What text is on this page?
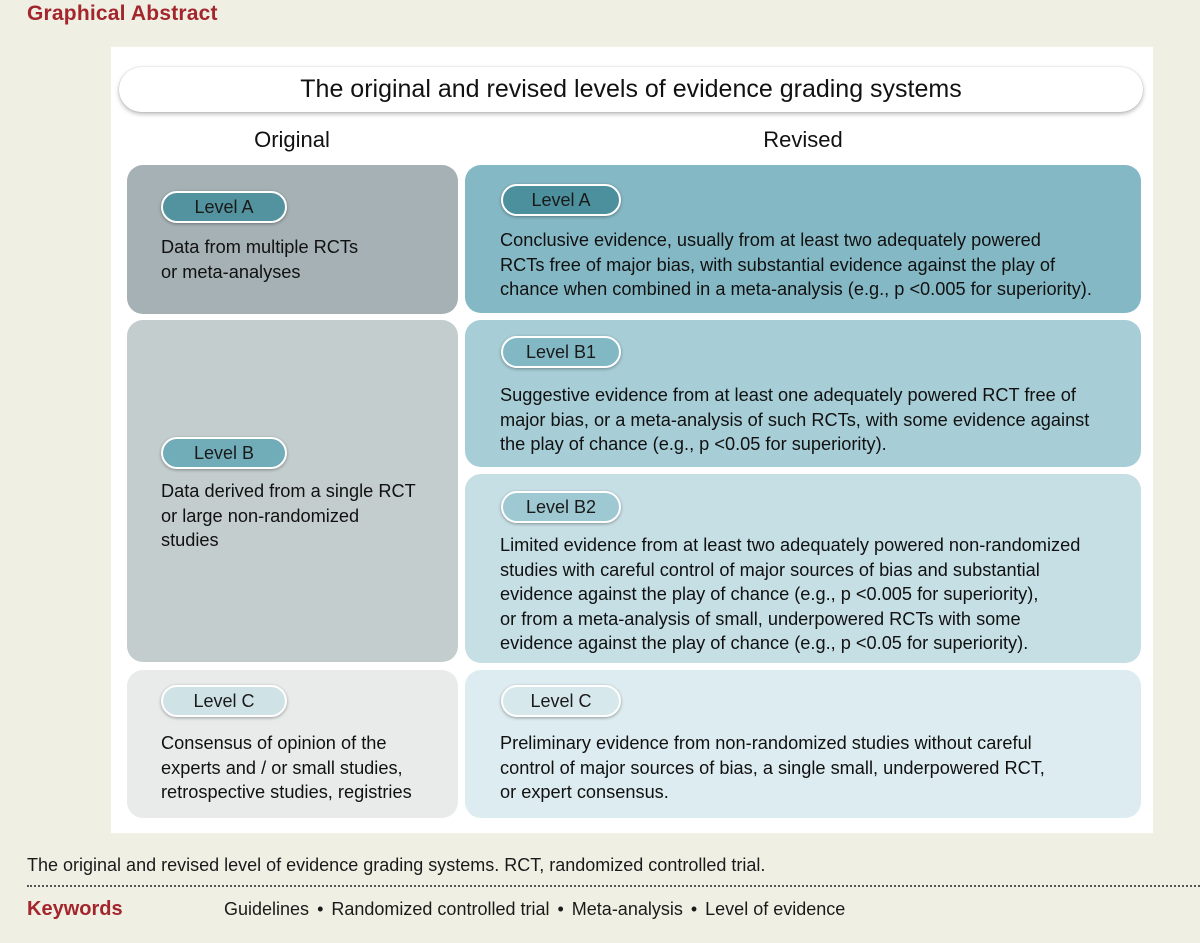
Graphical Abstract
The original and revised levels of evidence grading systems
Original	Revised
Level A
Data from multiple RCTs
or meta-analyses
Level B
Data derived from a single RCT
or large non-randomized
studies
Level C
Consensus of opinion of the
experts and / or small studies,
retrospective studies, registries
Level A
Conclusive evidence, usually from at least two adequately powered
RCTs free of major bias, with substantial evidence against the play of
chance when combined in a meta-analysis (e.g., p <0.005 for superiority).
Level B1
Suggestive evidence from at least one adequately powered RCT free of
major bias, or a meta-analysis of such RCTs, with some evidence against
the play of chance (e.g., p <0.05 for superiority).
Level B2
Limited evidence from at least two adequately powered non-randomized
studies with careful control of major sources of bias and substantial
evidence against the play of chance (e.g., p <0.005 for superiority),
or from a meta-analysis of small, underpowered RCTs with some
evidence against the play of chance (e.g., p <0.05 for superiority).
Level C
Preliminary evidence from non-randomized studies without careful
control of major sources of bias, a single small, underpowered RCT,
or expert consensus.
The original and revised level of evidence grading systems. RCT, randomized controlled trial.
Keywords	Guidelines • Randomized controlled trial • Meta-analysis • Level of evidence
